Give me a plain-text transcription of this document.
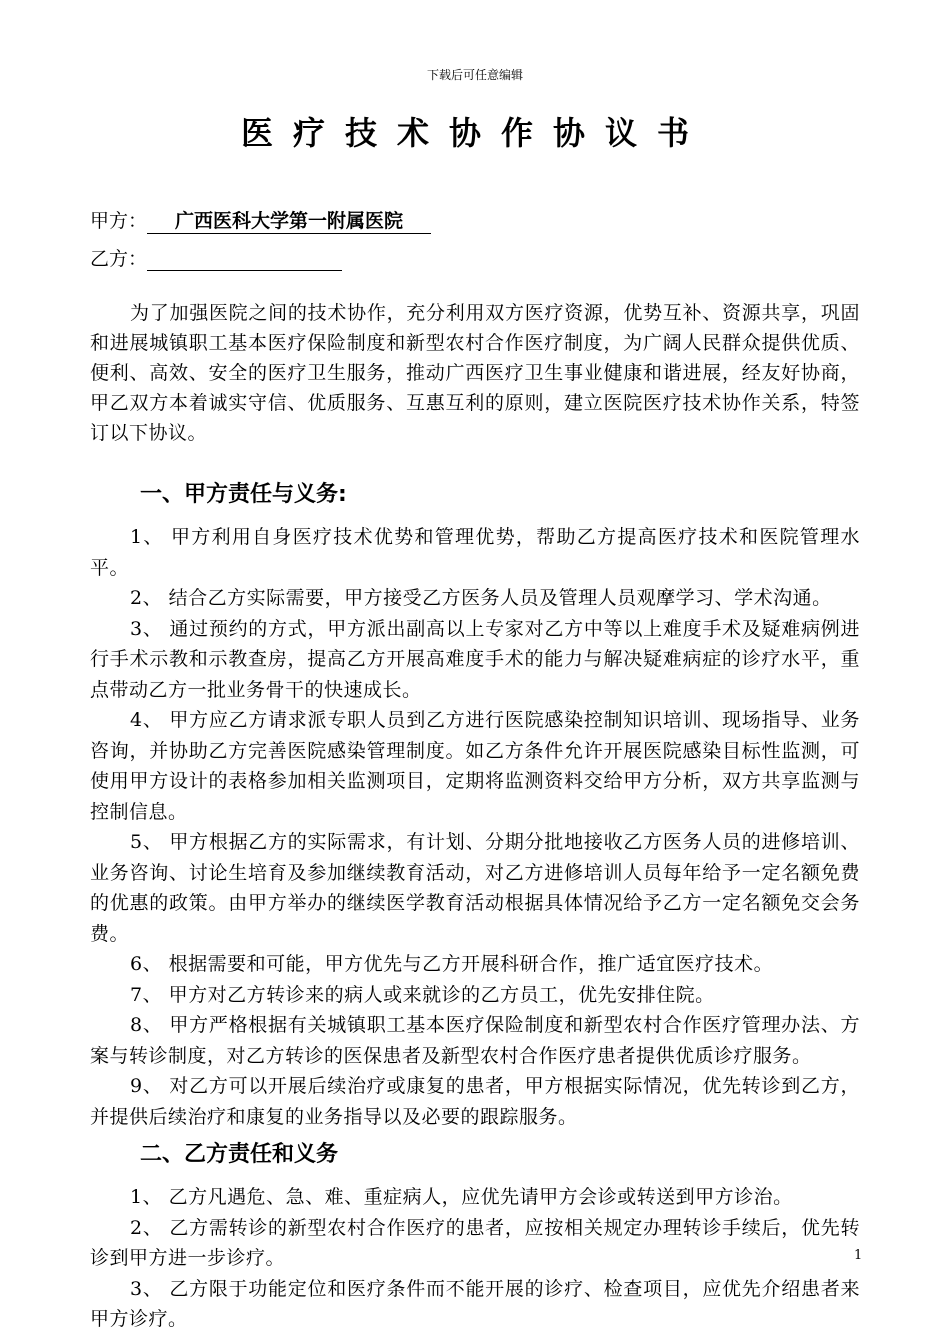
下载后可任意编辑
医疗技术协作协议书
甲方： 广西医科大学第一附属医院
乙方：

为了加强医院之间的技术协作，充分利用双方医疗资源，优势互补、资源共享，巩固和进展城镇职工基本医疗保险制度和新型农村合作医疗制度，为广阔人民群众提供优质、便利、高效、安全的医疗卫生服务，推动广西医疗卫生事业健康和谐进展，经友好协商，甲乙双方本着诚实守信、优质服务、互惠互利的原则，建立医院医疗技术协作关系，特签订以下协议。

一、甲方责任与义务:

1、 甲方利用自身医疗技术优势和管理优势，帮助乙方提高医疗技术和医院管理水平。

2、 结合乙方实际需要，甲方接受乙方医务人员及管理人员观摩学习、学术沟通。

3、 通过预约的方式，甲方派出副高以上专家对乙方中等以上难度手术及疑难病例进行手术示教和示教查房，提高乙方开展高难度手术的能力与解决疑难病症的诊疗水平，重点带动乙方一批业务骨干的快速成长。

4、 甲方应乙方请求派专职人员到乙方进行医院感染控制知识培训、现场指导、业务咨询，并协助乙方完善医院感染管理制度。如乙方条件允许开展医院感染目标性监测，可使用甲方设计的表格参加相关监测项目，定期将监测资料交给甲方分析，双方共享监测与控制信息。

5、 甲方根据乙方的实际需求，有计划、分期分批地接收乙方医务人员的进修培训、业务咨询、讨论生培育及参加继续教育活动，对乙方进修培训人员每年给予一定名额免费的优惠的政策。由甲方举办的继续医学教育活动根据具体情况给予乙方一定名额免交会务费。

6、 根据需要和可能，甲方优先与乙方开展科研合作，推广适宜医疗技术。

7、 甲方对乙方转诊来的病人或来就诊的乙方员工，优先安排住院。

8、 甲方严格根据有关城镇职工基本医疗保险制度和新型农村合作医疗管理办法、方案与转诊制度，对乙方转诊的医保患者及新型农村合作医疗患者提供优质诊疗服务。

9、 对乙方可以开展后续治疗或康复的患者，甲方根据实际情况，优先转诊到乙方，并提供后续治疗和康复的业务指导以及必要的跟踪服务。

二、乙方责任和义务

1、 乙方凡遇危、急、难、重症病人，应优先请甲方会诊或转送到甲方诊治。

2、 乙方需转诊的新型农村合作医疗的患者，应按相关规定办理转诊手续后，优先转诊到甲方进一步诊疗。

3、 乙方限于功能定位和医疗条件而不能开展的诊疗、检查项目，应优先介绍患者来甲方诊疗。

1
